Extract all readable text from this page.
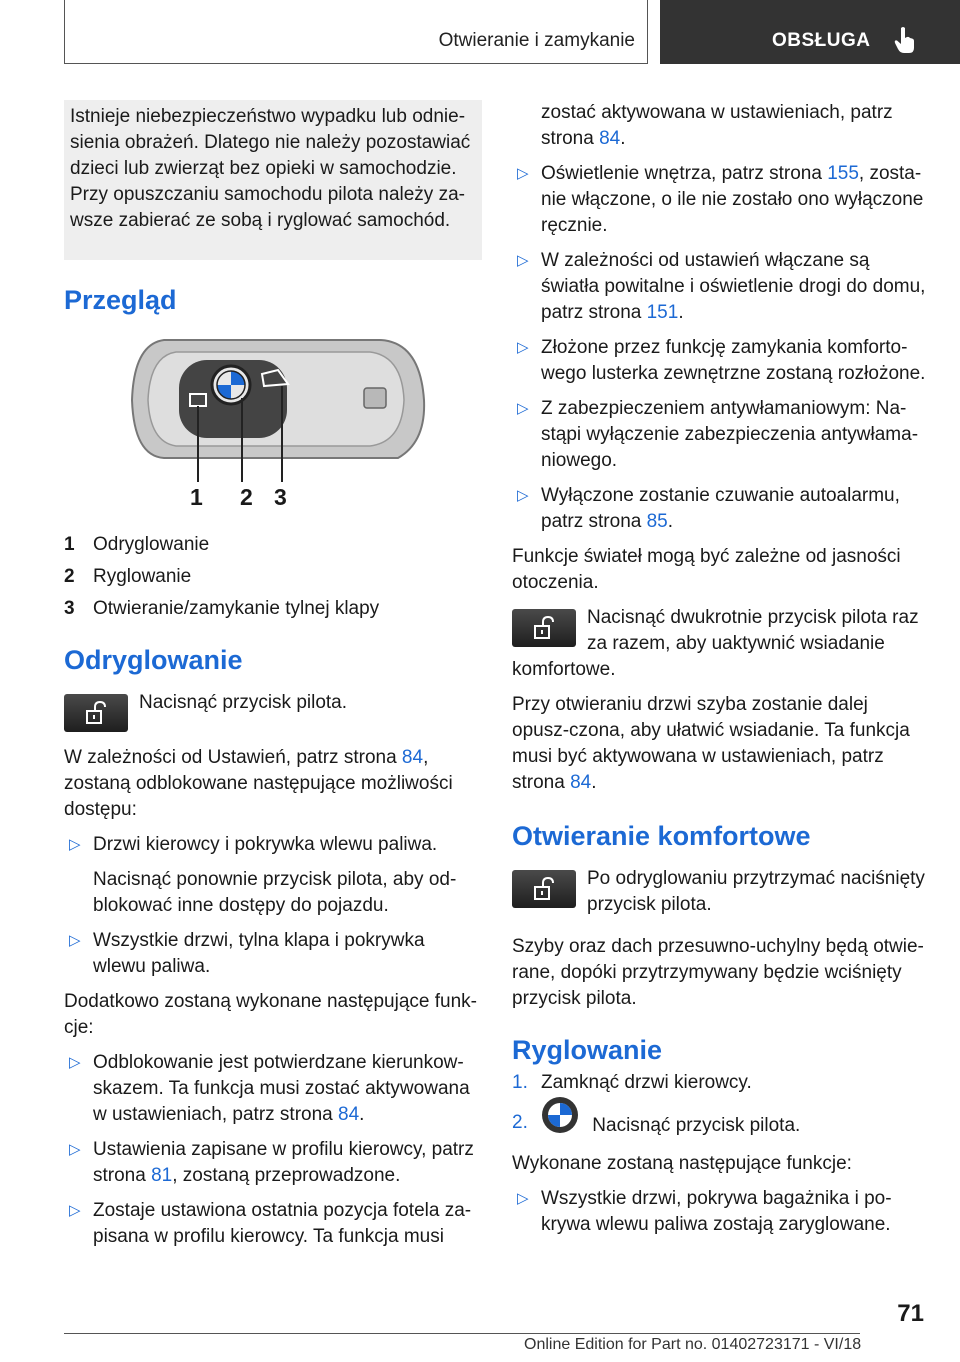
Otwieranie i zamykanie	OBSŁUGA
Istnieje niebezpieczeństwo wypadku lub odnie-sienia obrażeń. Dlatego nie należy pozostawiać dzieci lub zwierząt bez opieki w samochodzie. Przy opuszczaniu samochodu pilota należy za-wsze zabierać ze sobą i ryglować samochód.
Przegląd
1 2 3
1 Odryglowanie
2 Ryglowanie
3 Otwieranie/zamykanie tylnej klapy
Odryglowanie
Nacisnąć przycisk pilota.
W zależności od Ustawień, patrz strona 84, zostaną odblokowane następujące możliwości dostępu:
▷ Drzwi kierowcy i pokrywka wlewu paliwa.
Nacisnąć ponownie przycisk pilota, aby od-blokować inne dostępy do pojazdu.
▷ Wszystkie drzwi, tylna klapa i pokrywka wlewu paliwa.
Dodatkowo zostaną wykonane następujące funk-cje:
▷ Odblokowanie jest potwierdzane kierunkow-skazem. Ta funkcja musi zostać aktywowana w ustawieniach, patrz strona 84.
▷ Ustawienia zapisane w profilu kierowcy, patrz strona 81, zostaną przeprowadzone.
▷ Zostaje ustawiona ostatnia pozycja fotela za-pisana w profilu kierowcy. Ta funkcja musi
zostać aktywowana w ustawieniach, patrz strona 84.
▷ Oświetlenie wnętrza, patrz strona 155, zosta-nie włączone, o ile nie zostało ono wyłączone ręcznie.
▷ W zależności od ustawień włączane są światła powitalne i oświetlenie drogi do domu, patrz strona 151.
▷ Złożone przez funkcję zamykania komforto-wego lusterka zewnętrzne zostaną rozłożone.
▷ Z zabezpieczeniem antywłamaniowym: Na-stąpi wyłączenie zabezpieczenia antywłama-niowego.
▷ Wyłączone zostanie czuwanie autoalarmu, patrz strona 85.
Funkcje świateł mogą być zależne od jasności otoczenia.
Nacisnąć dwukrotnie przycisk pilota raz za razem, aby uaktywnić wsiadanie komfortowe.
Przy otwieraniu drzwi szyba zostanie dalej opusz-czona, aby ułatwić wsiadanie. Ta funkcja musi być aktywowana w ustawieniach, patrz strona 84.
Otwieranie komfortowe
Po odryglowaniu przytrzymać naciśnięty przycisk pilota.
Szyby oraz dach przesuwno-uchylny będą otwie-rane, dopóki przytrzymywany będzie wciśnięty przycisk pilota.
Ryglowanie
1. Zamknąć drzwi kierowcy.
2.	Nacisnąć przycisk pilota.
Wykonane zostaną następujące funkcje:
▷ Wszystkie drzwi, pokrywa bagażnika i po-krywa wlewu paliwa zostają zaryglowane.
71
Online Edition for Part no. 01402723171 - VI/18
